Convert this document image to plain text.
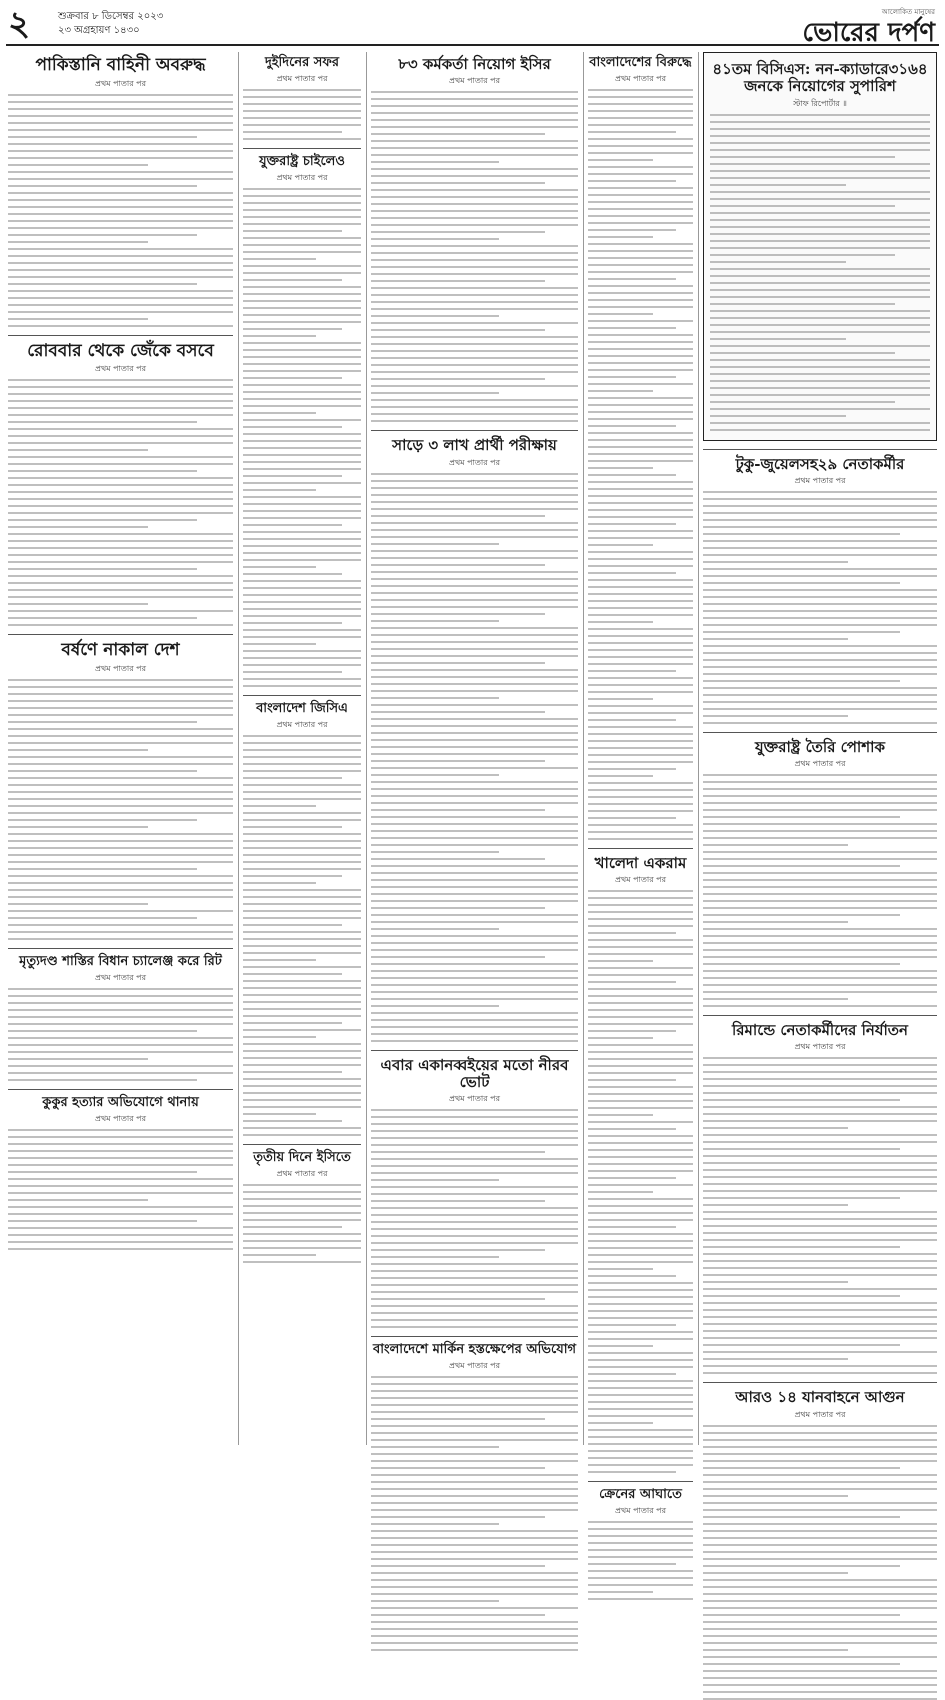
২	শুক্রবার ৮ ডিসেম্বর ২০২৩
২৩ অগ্রহায়ণ ১৪৩০
আলোকিত মানুষের
ভোরের দর্পণ
পাকিস্তানি বাহিনী অবরুদ্ধ
প্রথম পাতার পর
রোববার থেকে জেঁকে বসবে
প্রথম পাতার পর
বর্ষণে নাকাল দেশ
প্রথম পাতার পর
মৃত্যুদণ্ড শাস্তির বিধান চ্যালেঞ্জ করে রিট
প্রথম পাতার পর
কুকুর হত্যার অভিযোগে থানায়
প্রথম পাতার পর
দুইদিনের সফর
প্রথম পাতার পর
যুক্তরাষ্ট্র চাইলেও
প্রথম পাতার পর
বাংলাদেশ জিসিএ
প্রথম পাতার পর
তৃতীয় দিনে ইসিতে
প্রথম পাতার পর
৮৩ কর্মকর্তা নিয়োগ ইসির
প্রথম পাতার পর
সাড়ে ৩ লাখ প্রার্থী পরীক্ষায়
প্রথম পাতার পর
এবার একানব্বইয়ের মতো নীরব ভোট
প্রথম পাতার পর
বাংলাদেশে মার্কিন হস্তক্ষেপের অভিযোগ
প্রথম পাতার পর
বাংলাদেশের বিরুদ্ধে
প্রথম পাতার পর
খালেদা একরাম
প্রথম পাতার পর
ক্রেনের আঘাতে
প্রথম পাতার পর
৪১তম বিসিএস: নন-ক্যাডারে৩১৬৪ জনকে নিয়োগের সুপারিশ
স্টাফ রিপোর্টার ॥
টুকু-জুয়েলসহ২৯ নেতাকর্মীর
প্রথম পাতার পর
যুক্তরাষ্ট্র তৈরি পোশাক
প্রথম পাতার পর
রিমান্ডে নেতাকর্মীদের নির্যাতন
প্রথম পাতার পর
আরও ১৪ যানবাহনে আগুন
প্রথম পাতার পর
